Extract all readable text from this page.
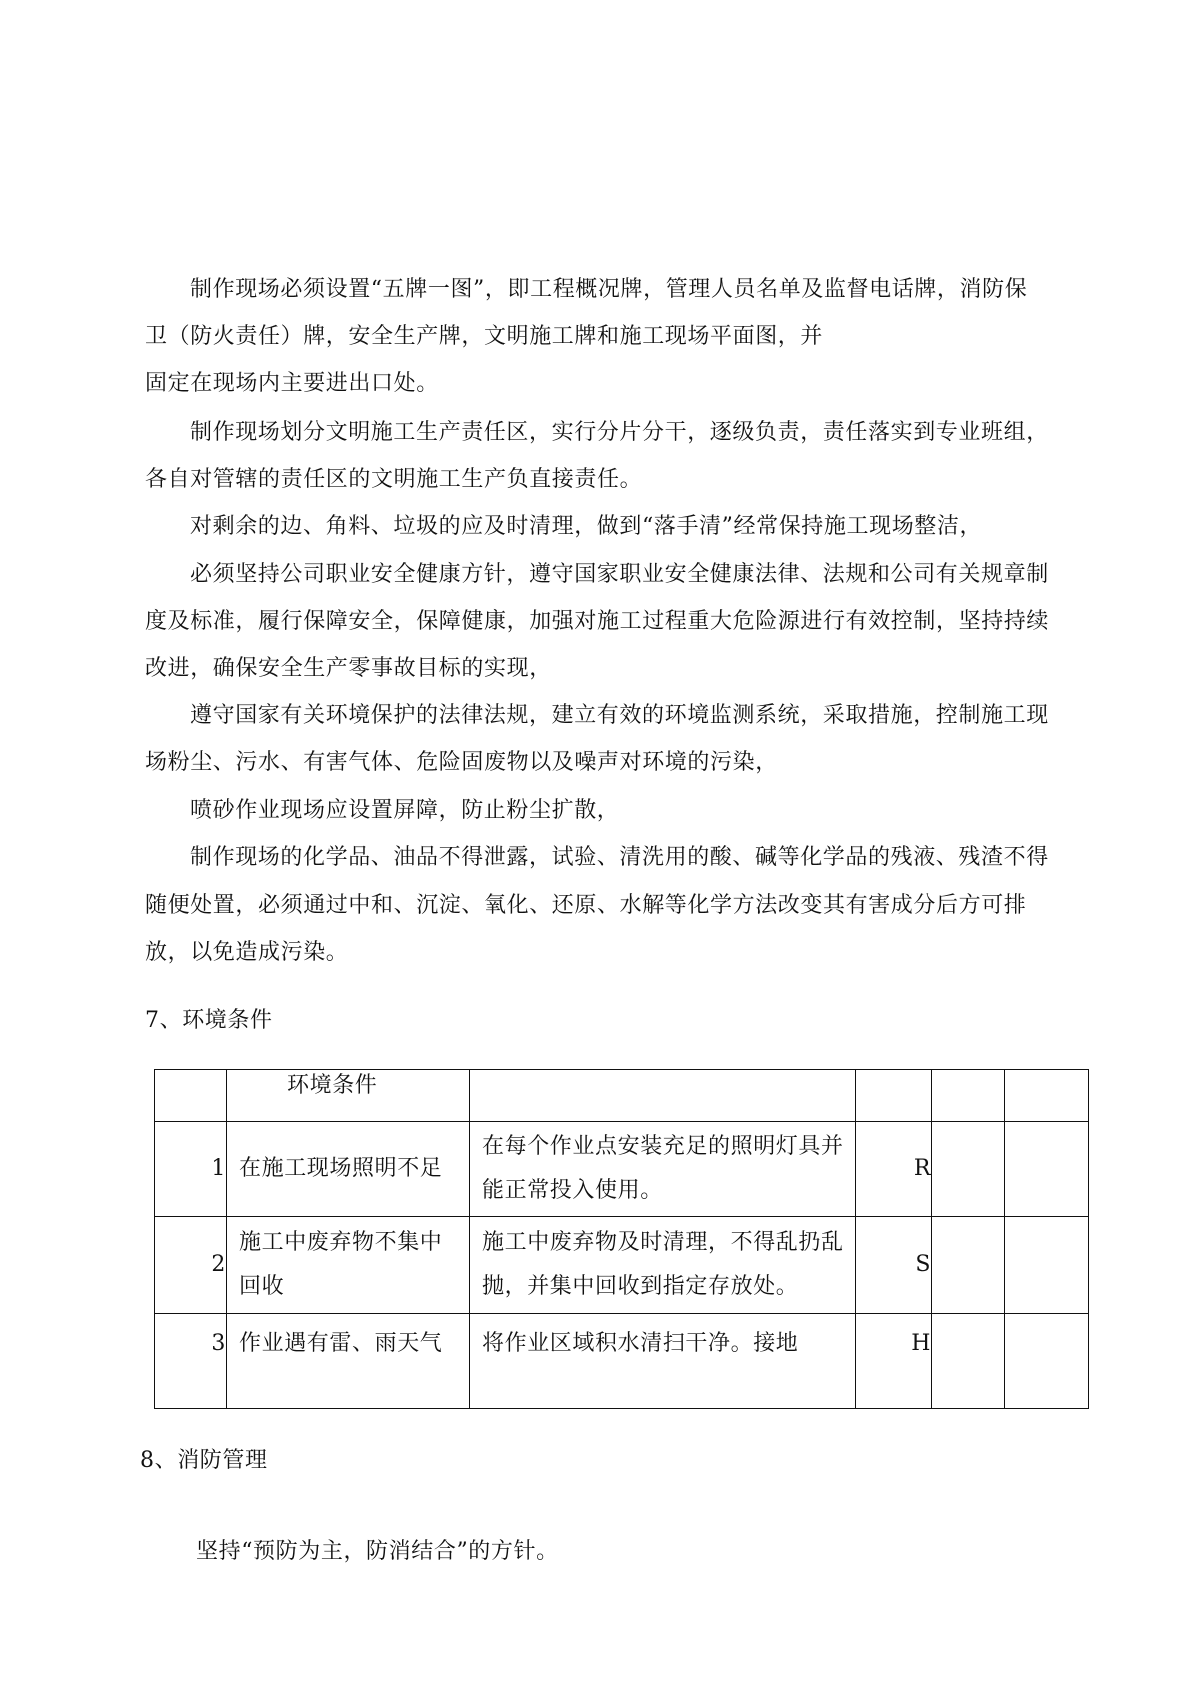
制作现场必须设置“五牌一图”，即工程概况牌，管理人员名单及监督电话牌，消防保
卫（防火责任）牌，安全生产牌，文明施工牌和施工现场平面图，并
固定在现场内主要进出口处。
制作现场划分文明施工生产责任区，实行分片分干，逐级负责，责任落实到专业班组，
各自对管辖的责任区的文明施工生产负直接责任。
对剩余的边、角料、垃圾的应及时清理，做到“落手清”经常保持施工现场整洁，
必须坚持公司职业安全健康方针，遵守国家职业安全健康法律、法规和公司有关规章制
度及标准，履行保障安全，保障健康，加强对施工过程重大危险源进行有效控制，坚持持续
改进，确保安全生产零事故目标的实现，
遵守国家有关环境保护的法律法规，建立有效的环境监测系统，采取措施，控制施工现
场粉尘、污水、有害气体、危险固废物以及噪声对环境的污染，
喷砂作业现场应设置屏障，防止粉尘扩散，
制作现场的化学品、油品不得泄露，试验、清洗用的酸、碱等化学品的残液、残渣不得
随便处置，必须通过中和、沉淀、氧化、还原、水解等化学方法改变其有害成分后方可排
放，以免造成污染。
7、环境条件
	环境条件				
1	在施工现场照明不足	在每个作业点安装充足的照明灯具并能正常投入使用。	R		
2	施工中废弃物不集中回收	施工中废弃物及时清理，不得乱扔乱抛，并集中回收到指定存放处。	S		
3	作业遇有雷、雨天气	将作业区域积水清扫干净。接地	H		
8、消防管理
坚持“预防为主，防消结合”的方针。
